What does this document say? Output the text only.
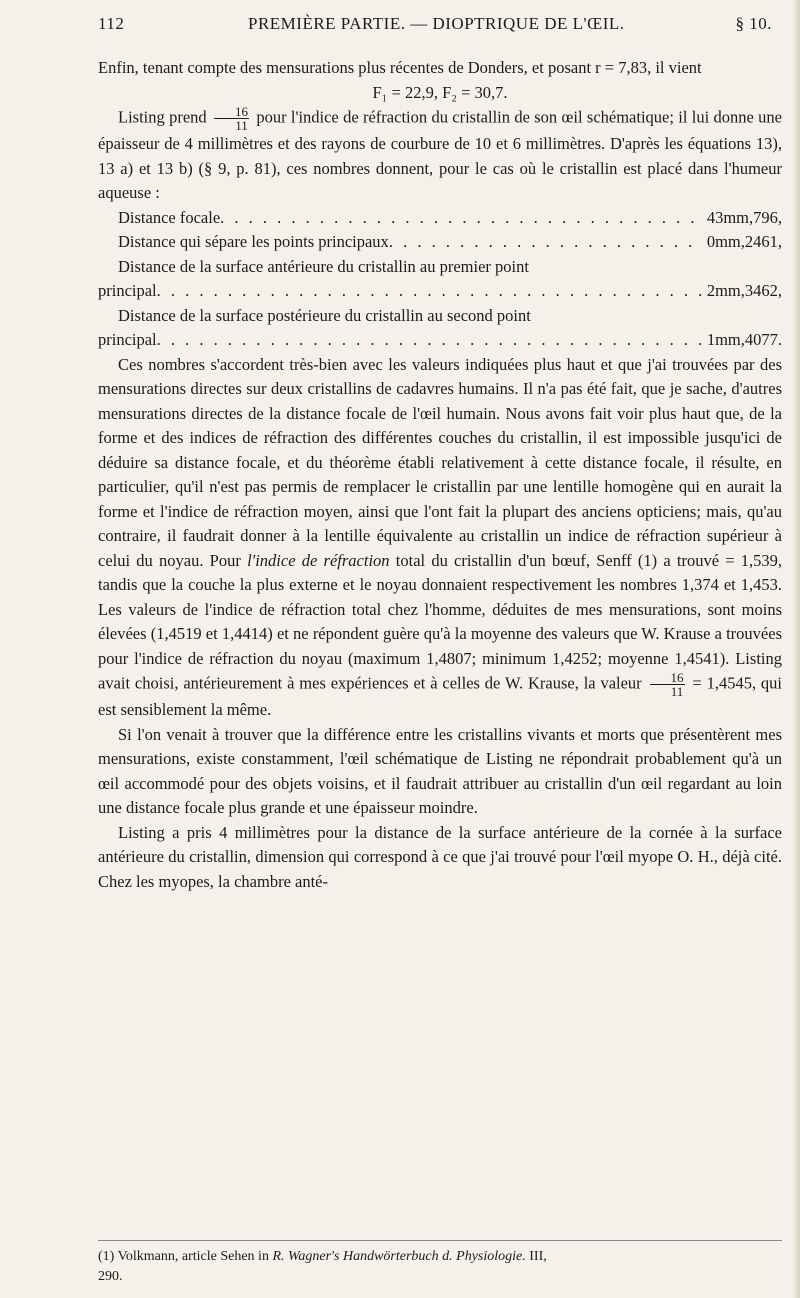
112	PREMIÈRE PARTIE. — DIOPTRIQUE DE L'ŒIL.	§ 10.

Enfin, tenant compte des mensurations plus récentes de Donders, et posant r = 7,83, il vient

F₁ = 22,9, F₂ = 30,7.

Listing prend $\frac{16}{11}$ pour l'indice de réfraction du cristallin de son œil schématique; il lui donne une épaisseur de 4 millimètres et des rayons de courbure de 10 et 6 millimètres. D'après les équations 13), 13 a) et 13 b) (§ 9, p. 81), ces nombres donnent, pour le cas où le cristallin est placé dans l'humeur aqueuse :

Distance focale . . .	43mm,796,
Distance qui sépare les points principaux . . .	0mm,2461,

Distance de la surface antérieure du cristallin au premier point

principal . . .	2mm,3462,

Distance de la surface postérieure du cristallin au second point

principal . . .	1mm,4077.

Ces nombres s'accordent très-bien avec les valeurs indiquées plus haut et que j'ai trouvées par des mensurations directes sur deux cristallins de cadavres humains. Il n'a pas été fait, que je sache, d'autres mensurations directes de la distance focale de l'œil humain. Nous avons fait voir plus haut que, de la forme et des indices de réfraction des différentes couches du cristallin, il est impossible jusqu'ici de déduire sa distance focale, et du théorème établi relativement à cette distance focale, il résulte, en particulier, qu'il n'est pas permis de remplacer le cristallin par une lentille homogène qui en aurait la forme et l'indice de réfraction moyen, ainsi que l'ont fait la plupart des anciens opticiens; mais, qu'au contraire, il faudrait donner à la lentille équivalente au cristallin un indice de réfraction supérieur à celui du noyau. Pour l'indice de réfraction total du cristallin d'un bœuf, Senff (1) a trouvé = 1,539, tandis que la couche la plus externe et le noyau donnaient respectivement les nombres 1,374 et 1,453. Les valeurs de l'indice de réfraction total chez l'homme, déduites de mes mensurations, sont moins élevées (1,4519 et 1,4414) et ne répondent guère qu'à la moyenne des valeurs que W. Krause a trouvées pour l'indice de réfraction du noyau (maximum 1,4807; minimum 1,4252; moyenne 1,4541). Listing avait choisi, antérieurement à mes expériences et à celles de W. Krause, la valeur $\frac{16}{11} = 1,4545$, qui est sensiblement la même.

Si l'on venait à trouver que la différence entre les cristallins vivants et morts que présentèrent mes mensurations, existe constamment, l'œil schématique de Listing ne répondrait probablement qu'à un œil accommodé pour des objets voisins, et il faudrait attribuer au cristallin d'un œil regardant au loin une distance focale plus grande et une épaisseur moindre.

Listing a pris 4 millimètres pour la distance de la surface antérieure de la cornée à la surface antérieure du cristallin, dimension qui correspond à ce que j'ai trouvé pour l'œil myope O. H., déjà cité. Chez les myopes, la chambre anté-

(1) Volkmann, article Sehen in R. Wagner's Handwörterbuch d. Physiologie. III,
290.
